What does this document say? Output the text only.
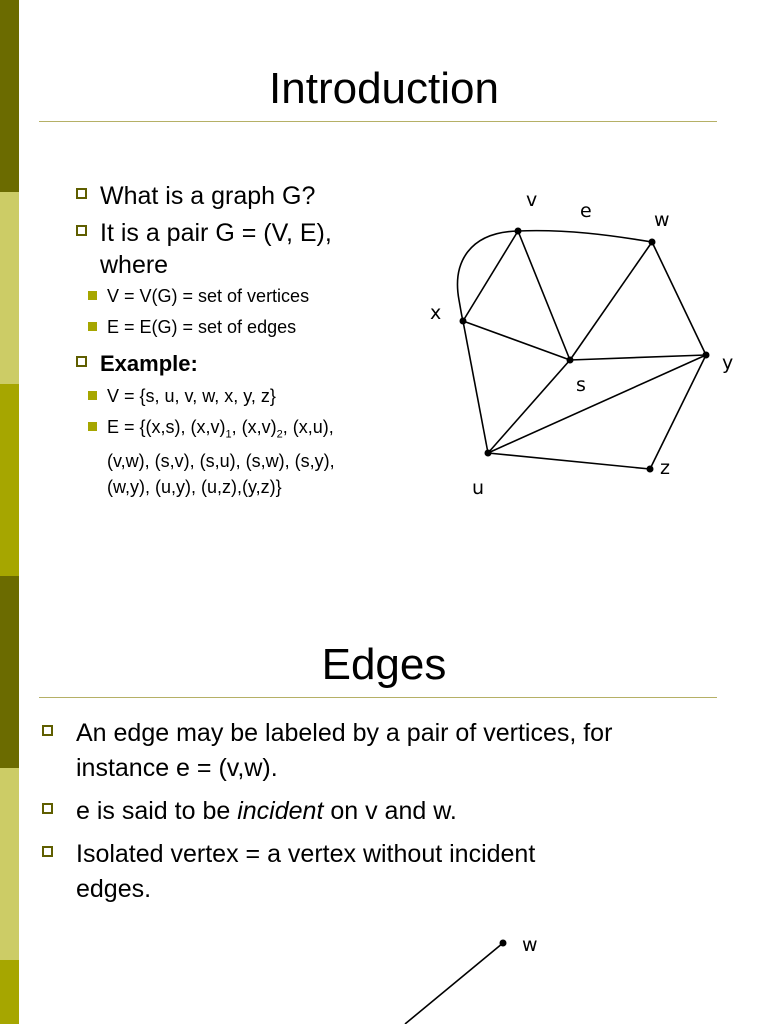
Introduction
What is a graph G?
It is a pair G = (V, E),
where
V = V(G) = set of vertices
E = E(G) = set of edges
Example:
V = {s, u, v, w, x, y, z}
E = {(x,s), $(x,v)_1$, $(x,v)_2$, (x,u),
(v,w), (s,v), (s,u), (s,w), (s,y),
(w,y), (u,y), (u,z),(y,z)}
v e	w
x
s
y
u
z
Edges
An edge may be labeled by a pair of vertices, for
instance e = (v,w).
e is said to be incident on v and w.
Isolated vertex = a vertex without incident
edges.
w
